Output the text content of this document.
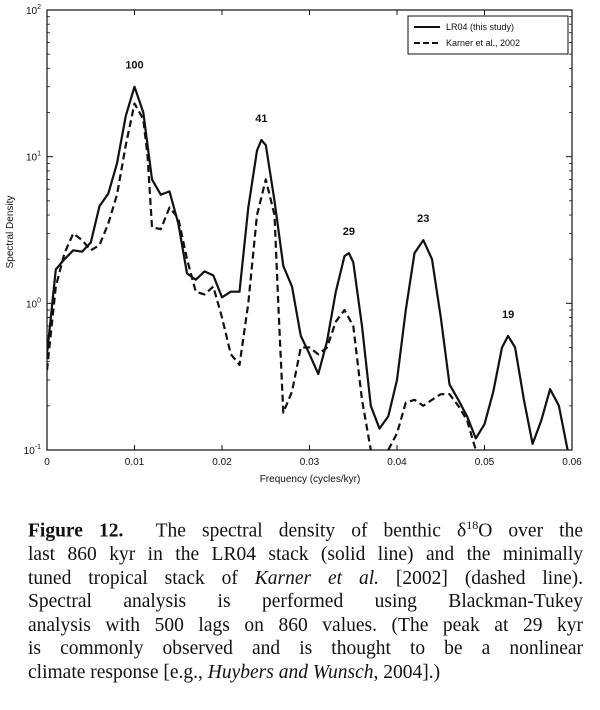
0	0.01	0.02	0.03	0.04	0.05	0.06
$10^{-1}$
$10^0$
$10^1$
$10^2$
100
41
29
23
19
LR04 (this study)
Karner et al., 2002
Frequency (cycles/kyr)
Spectral Density
Figure 12. The spectral density of benthic $\delta^{18}O$ over the
last 860 kyr in the LR04 stack (solid line) and the minimally
tuned tropical stack of Karner et al. [2002] (dashed line).
Spectral analysis is performed using Blackman-Tukey
analysis with 500 lags on 860 values. (The peak at 29 kyr
is commonly observed and is thought to be a nonlinear
climate response [e.g., Huybers and Wunsch, 2004].)
